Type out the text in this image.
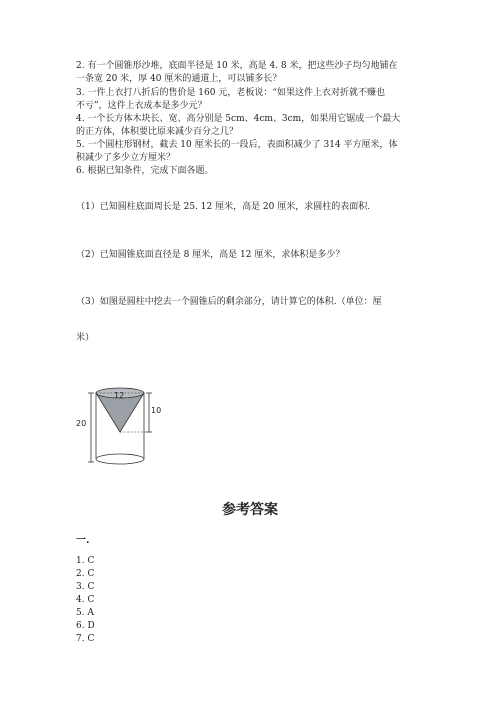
2. 有一个圆锥形沙堆，底面半径是 10 米，高是 4. 8 米，把这些沙子均匀地铺在
一条宽 20 米，厚 40 厘米的通道上，可以铺多长？
3. 一件上衣打八折后的售价是 160 元，老板说：“如果这件上衣对折就不赚也
不亏”，这件上衣成本是多少元？
4. 一个长方体木块长、宽、高分别是 5cm、4cm、3cm，如果用它锯成一个最大
的正方体，体积要比原来减少百分之几？
5. 一个圆柱形钢材，截去 10 厘米长的一段后，表面积减少了 314 平方厘米，体
积减少了多少立方厘米？
6. 根据已知条件，完成下面各题。
（1）已知圆柱底面周长是 25. 12 厘米，高是 20 厘米，求圆柱的表面积.
（2）已知圆锥底面直径是 8 厘米，高是 12 厘米，求体积是多少？
（3）如图是圆柱中挖去一个圆锥后的剩余部分，请计算它的体积.（单位：厘
米）
20
12
10
参考答案
一.
1. C
2. C
3. C
4. C
5. A
6. D
7. C
